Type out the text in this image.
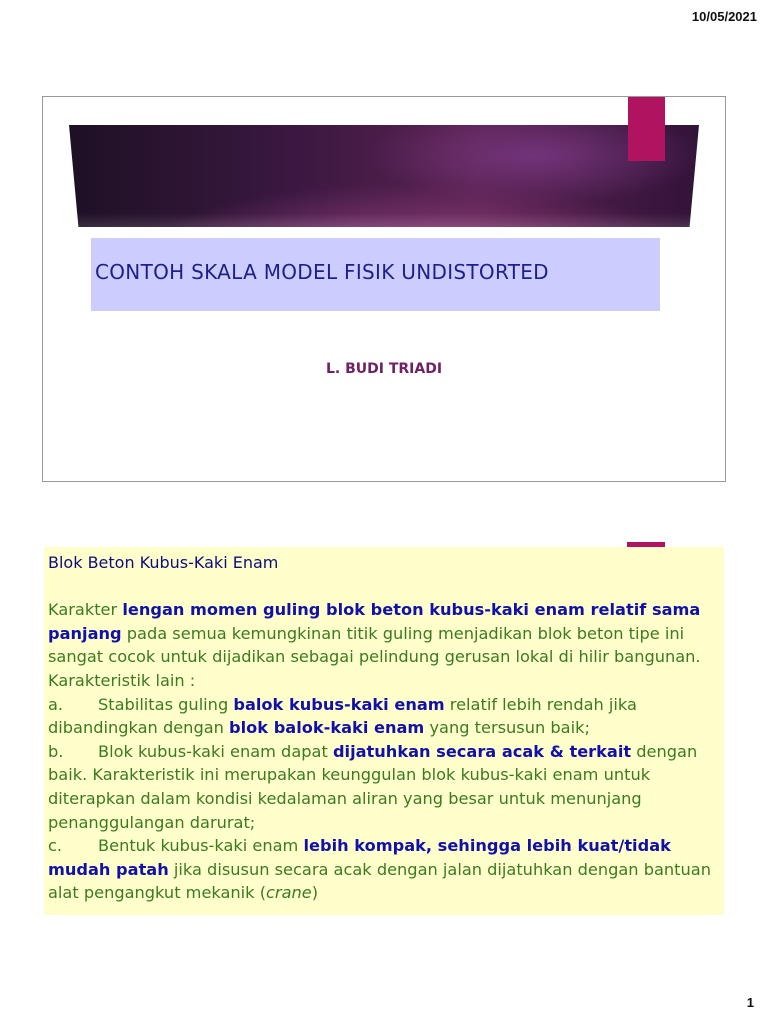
10/05/2021
CONTOH SKALA MODEL FISIK UNDISTORTED
L. BUDI TRIADI

Blok Beton Kubus-Kaki Enam

Karakter lengan momen guling blok beton kubus-kaki enam relatif sama panjang pada semua kemungkinan titik guling menjadikan blok beton tipe ini sangat cocok untuk dijadikan sebagai pelindung gerusan lokal di hilir bangunan. Karakteristik lain :

a. Stabilitas guling balok kubus-kaki enam relatif lebih rendah jika dibandingkan dengan blok balok-kaki enam yang tersusun baik;

b. Blok kubus-kaki enam dapat dijatuhkan secara acak & terkait dengan baik. Karakteristik ini merupakan keunggulan blok kubus-kaki enam untuk diterapkan dalam kondisi kedalaman aliran yang besar untuk menunjang penanggulangan darurat;

c. Bentuk kubus-kaki enam lebih kompak, sehingga lebih kuat/tidak mudah patah jika disusun secara acak dengan jalan dijatuhkan dengan bantuan alat pengangkut mekanik (crane)

1
